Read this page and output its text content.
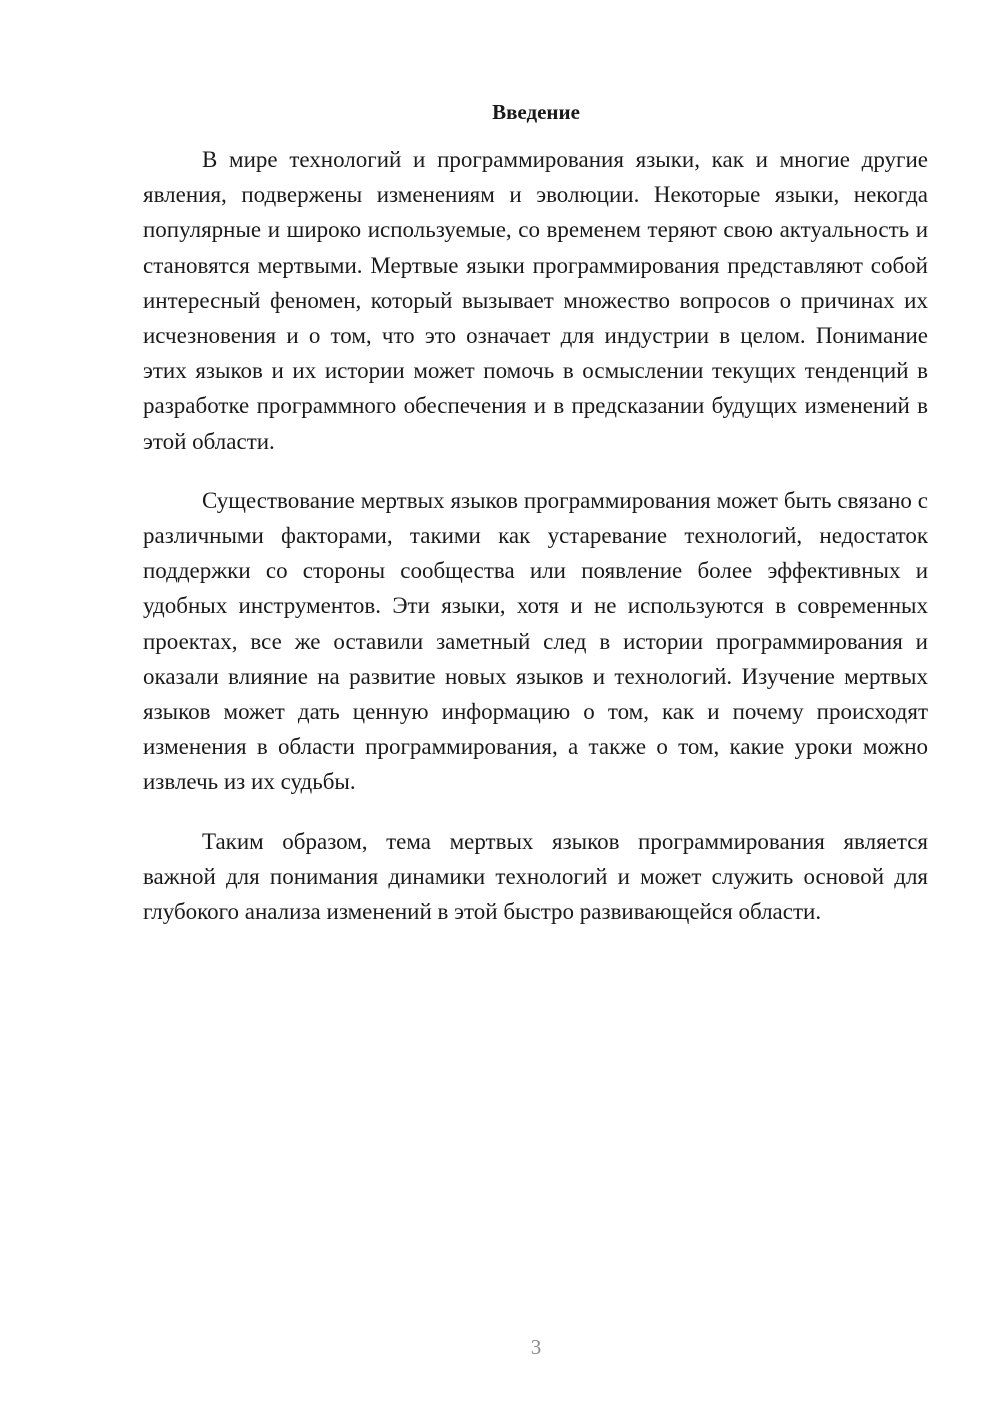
Введение

В мире технологий и программирования языки, как и многие другие явления, подвержены изменениям и эволюции. Некоторые языки, некогда популярные и широко используемые, со временем теряют свою актуальность и становятся мертвыми. Мертвые языки программирования представляют собой интересный феномен, который вызывает множество вопросов о причинах их исчезновения и о том, что это означает для индустрии в целом. Понимание этих языков и их истории может помочь в осмыслении текущих тенденций в разработке программного обеспечения и в предсказании будущих изменений в этой области.

Существование мертвых языков программирования может быть связано с различными факторами, такими как устаревание технологий, недостаток поддержки со стороны сообщества или появление более эффективных и удобных инструментов. Эти языки, хотя и не используются в современных проектах, все же оставили заметный след в истории программирования и оказали влияние на развитие новых языков и технологий. Изучение мертвых языков может дать ценную информацию о том, как и почему происходят изменения в области программирования, а также о том, какие уроки можно извлечь из их судьбы.

Таким образом, тема мертвых языков программирования является важной для понимания динамики технологий и может служить основой для глубокого анализа изменений в этой быстро развивающейся области.

3
